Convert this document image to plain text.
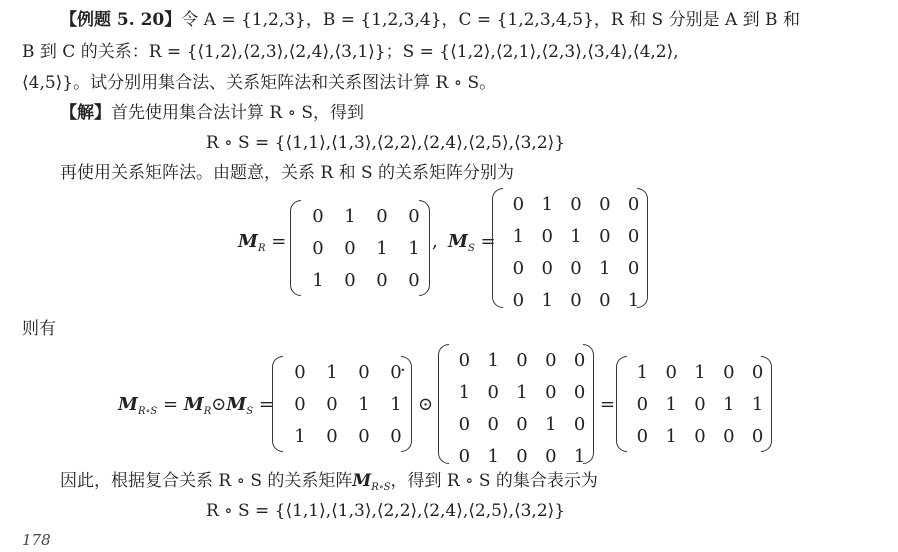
【例题 5. 20】令 A = {1,2,3}，B = {1,2,3,4}，C = {1,2,3,4,5}，R 和 S 分别是 A 到 B 和
B 到 C 的关系：R = {⟨1,2⟩,⟨2,3⟩,⟨2,4⟩,⟨3,1⟩}；S = {⟨1,2⟩,⟨2,1⟩,⟨2,3⟩,⟨3,4⟩,⟨4,2⟩,
⟨4,5⟩}。试分别用集合法、关系矩阵法和关系图法计算 R ∘ S。
【解】首先使用集合法计算 R ∘ S，得到
R ∘ S = {⟨1,1⟩,⟨1,3⟩,⟨2,2⟩,⟨2,4⟩,⟨2,5⟩,⟨3,2⟩}
再使用关系矩阵法。由题意，关系 R 和 S 的关系矩阵分别为
$M_R$ =
0	1	0	0
0	0	1	1
1	0	0	0
, $M_S$ =
0	1	0	0	0
1	0	1	0	0
0	0	0	1	0
0	1	0	0	1
则有
$M_{R\circ S}$ = $M_R⊙M_S$ =
0	1	0	0
0	0	1	1
1	0	0	0
·
⊙
0	1	0	0	0
1	0	1	0	0
0	0	0	1	0
0	1	0	0	1
=
1	0	1	0	0
0	1	0	1	1
0	1	0	0	0
因此，根据复合关系 R ∘ S 的关系矩阵$M_{R\circ S}$，得到 R ∘ S 的集合表示为
R ∘ S = {⟨1,1⟩,⟨1,3⟩,⟨2,2⟩,⟨2,4⟩,⟨2,5⟩,⟨3,2⟩}
178
